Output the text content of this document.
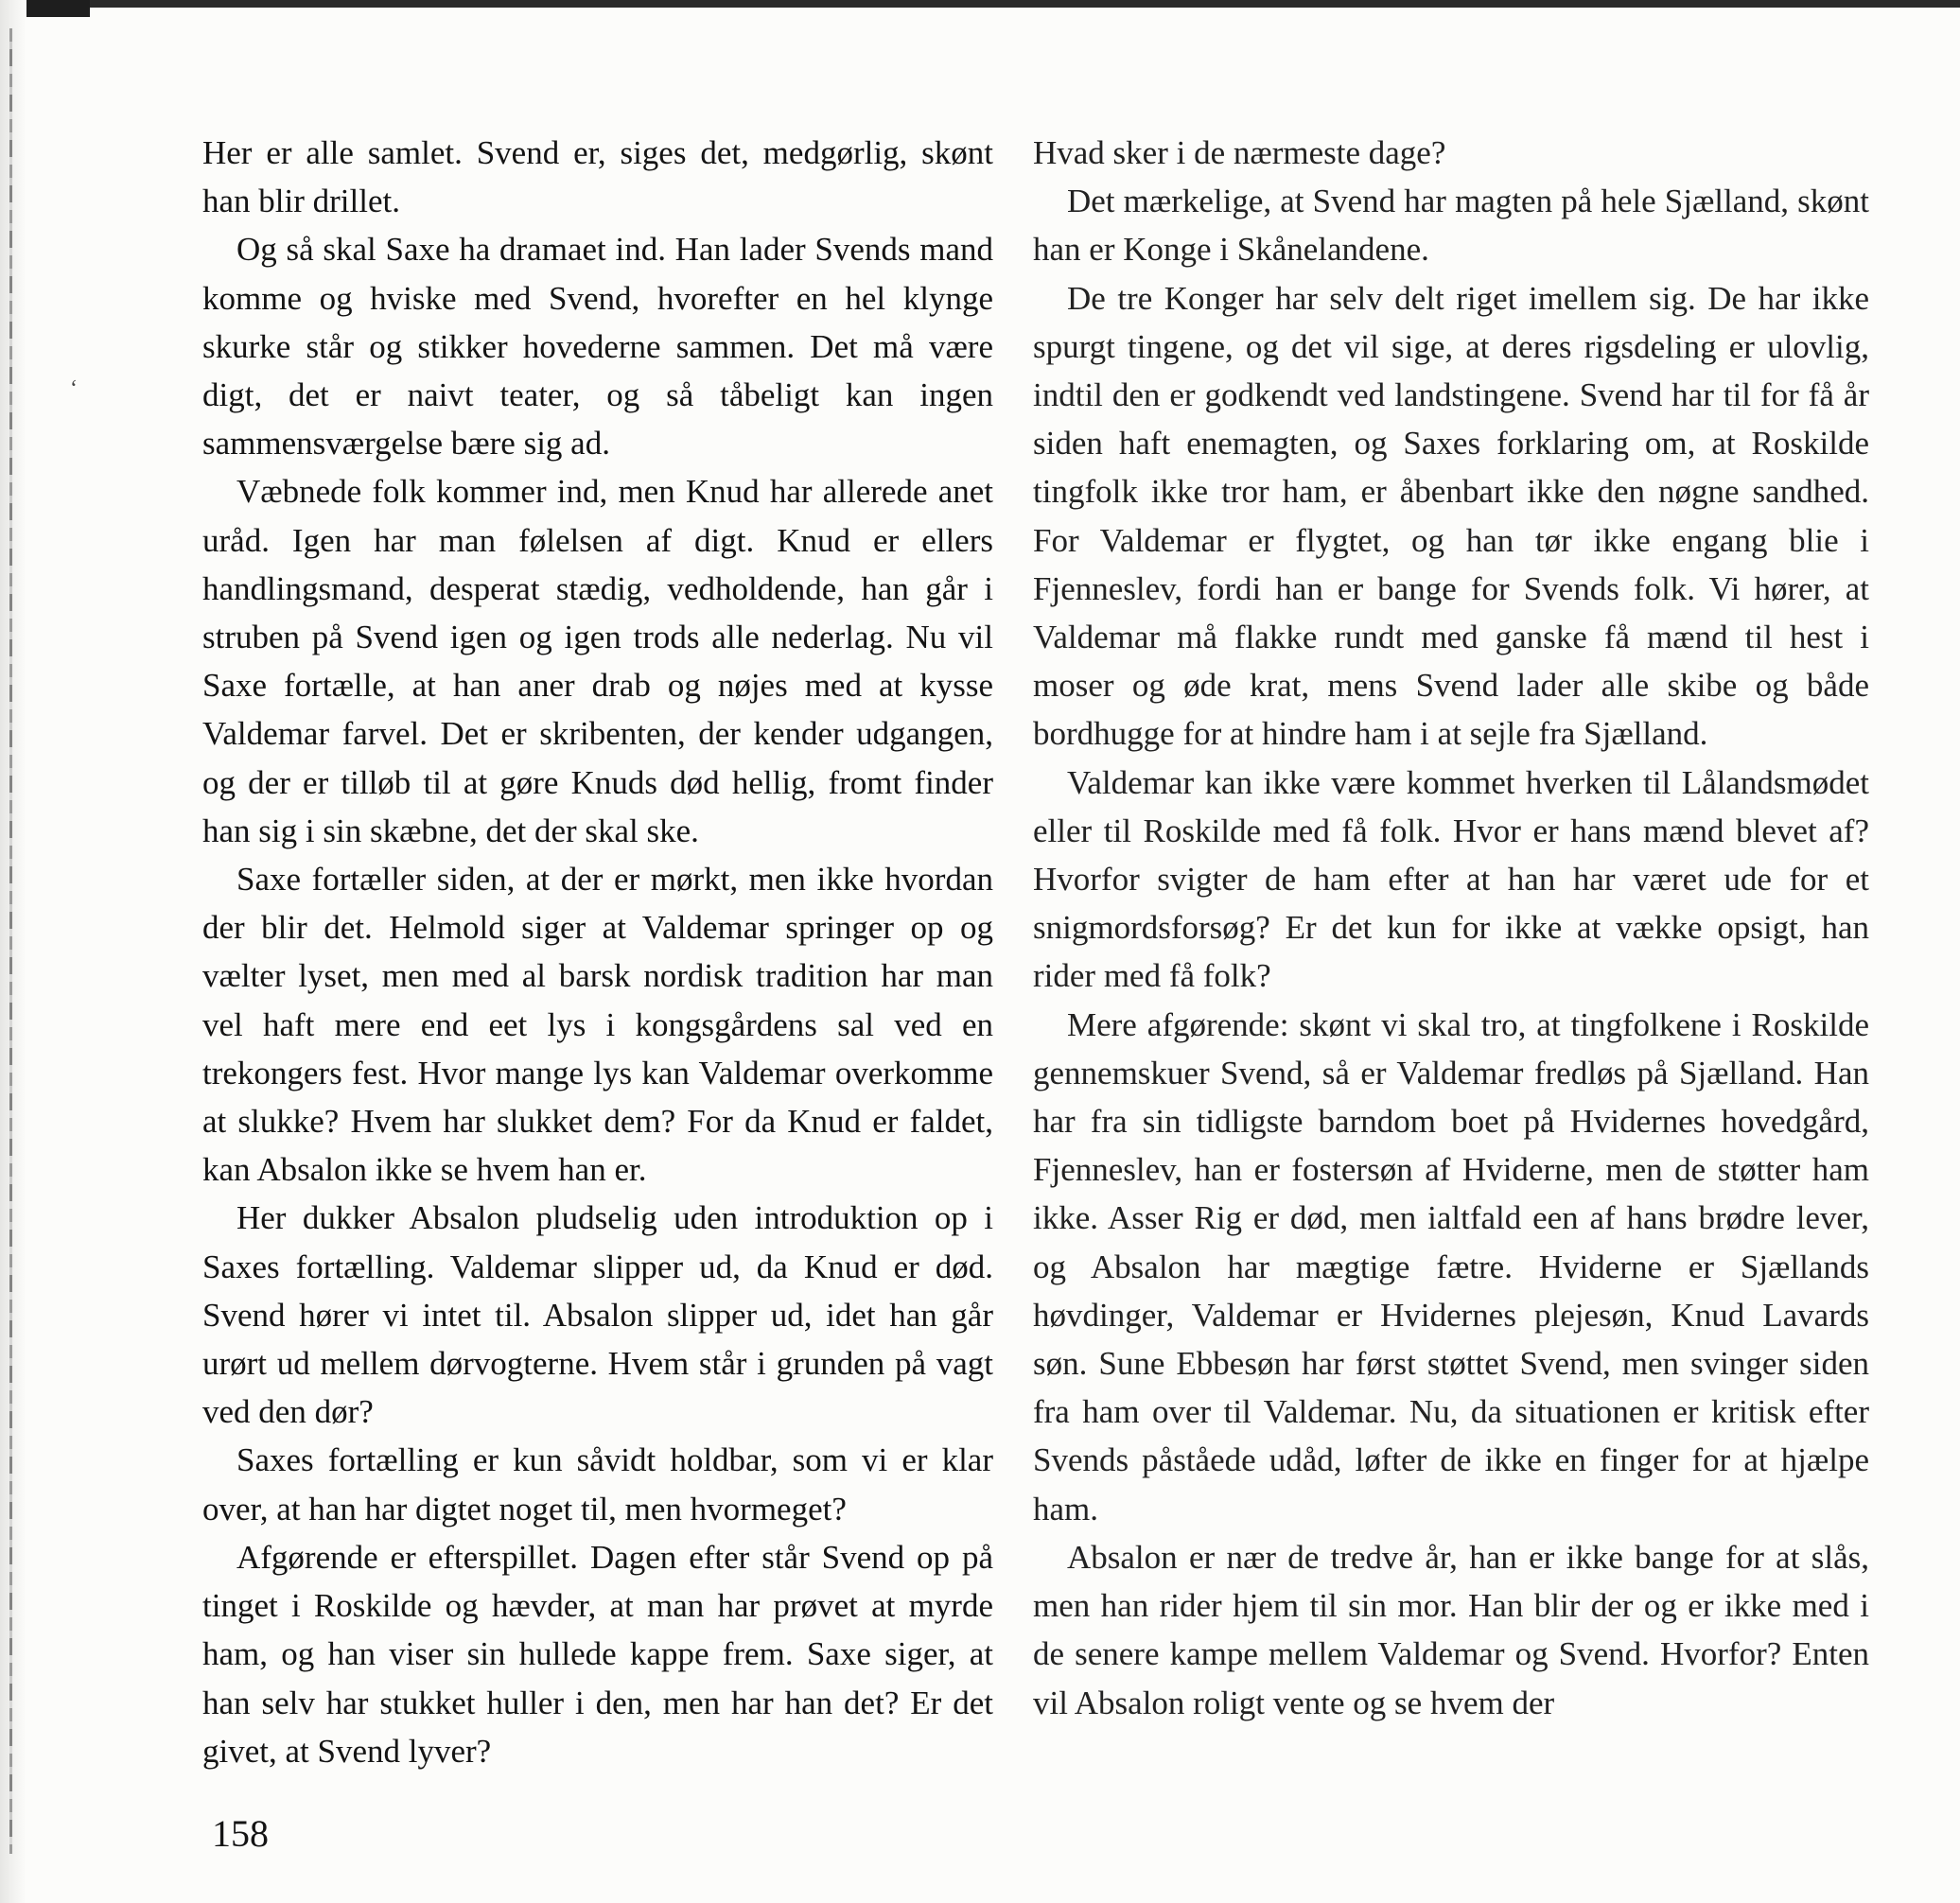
‘

Her er alle samlet. Svend er, siges det, medgørlig, skønt han blir drillet.

Og så skal Saxe ha dramaet ind. Han lader Svends mand komme og hviske med Svend, hvorefter en hel klynge skurke står og stikker hovederne sammen. Det må være digt, det er naivt teater, og så tåbeligt kan ingen sammensværgelse bære sig ad.

Væbnede folk kommer ind, men Knud har allerede anet uråd. Igen har man følelsen af digt. Knud er ellers handlingsmand, desperat stædig, vedholdende, han går i struben på Svend igen og igen trods alle nederlag. Nu vil Saxe fortælle, at han aner drab og nøjes med at kysse Valdemar farvel. Det er skribenten, der kender udgangen, og der er tilløb til at gøre Knuds død hellig, fromt finder han sig i sin skæbne, det der skal ske.

Saxe fortæller siden, at der er mørkt, men ikke hvordan der blir det. Helmold siger at Valdemar springer op og vælter lyset, men med al barsk nordisk tradition har man vel haft mere end eet lys i kongsgårdens sal ved en trekongers fest. Hvor mange lys kan Valdemar overkomme at slukke? Hvem har slukket dem? For da Knud er faldet, kan Absalon ikke se hvem han er.

Her dukker Absalon pludselig uden introduktion op i Saxes fortælling. Valdemar slipper ud, da Knud er død. Svend hører vi intet til. Absalon slipper ud, idet han går urørt ud mellem dørvogterne. Hvem står i grunden på vagt ved den dør?

Saxes fortælling er kun såvidt holdbar, som vi er klar over, at han har digtet noget til, men hvormeget?

Afgørende er efterspillet. Dagen efter står Svend op på tinget i Roskilde og hævder, at man har prøvet at myrde ham, og han viser sin hullede kappe frem. Saxe siger, at han selv har stukket huller i den, men har han det? Er det givet, at Svend lyver?

Hvad sker i de nærmeste dage?

Det mærkelige, at Svend har magten på hele Sjælland, skønt han er Konge i Skånelandene.

De tre Konger har selv delt riget imellem sig. De har ikke spurgt tingene, og det vil sige, at deres rigsdeling er ulovlig, indtil den er godkendt ved landstingene. Svend har til for få år siden haft enemagten, og Saxes forklaring om, at Roskilde tingfolk ikke tror ham, er åbenbart ikke den nøgne sandhed. For Valdemar er flygtet, og han tør ikke engang blie i Fjenneslev, fordi han er bange for Svends folk. Vi hører, at Valdemar må flakke rundt med ganske få mænd til hest i moser og øde krat, mens Svend lader alle skibe og både bordhugge for at hindre ham i at sejle fra Sjælland.

Valdemar kan ikke være kommet hverken til Lålandsmødet eller til Roskilde med få folk. Hvor er hans mænd blevet af? Hvorfor svigter de ham efter at han har været ude for et snigmordsforsøg? Er det kun for ikke at vække opsigt, han rider med få folk?

Mere afgørende: skønt vi skal tro, at tingfolkene i Roskilde gennemskuer Svend, så er Valdemar fredløs på Sjælland. Han har fra sin tidligste barndom boet på Hvidernes hovedgård, Fjenneslev, han er fostersøn af Hviderne, men de støtter ham ikke. Asser Rig er død, men ialtfald een af hans brødre lever, og Absalon har mægtige fætre. Hviderne er Sjællands høvdinger, Valdemar er Hvidernes plejesøn, Knud Lavards søn. Sune Ebbesøn har først støttet Svend, men svinger siden fra ham over til Valdemar. Nu, da situationen er kritisk efter Svends påståede udåd, løfter de ikke en finger for at hjælpe ham.

Absalon er nær de tredve år, han er ikke bange for at slås, men han rider hjem til sin mor. Han blir der og er ikke med i de senere kampe mellem Valdemar og Svend. Hvorfor? Enten vil Absalon roligt vente og se hvem der

158
